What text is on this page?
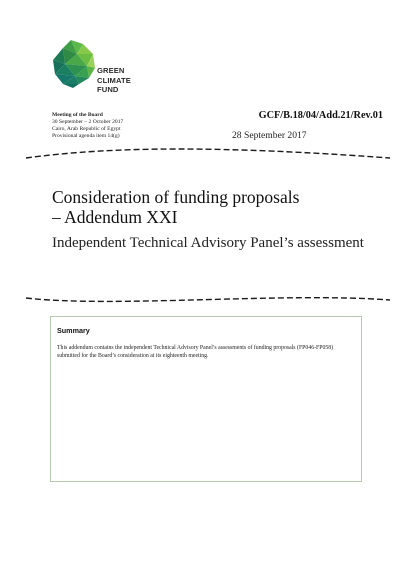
GREEN
CLIMATE
FUND
Meeting of the Board
30 September – 2 October 2017
Cairo, Arab Republic of Egypt
Provisional agenda item 14(g)
GCF/B.18/04/Add.21/Rev.01
28 September 2017
Consideration of funding proposals
– Addendum XXI
Independent Technical Advisory Panel’s assessment
Summary
This addendum contains the independent Technical Advisory Panel’s assessments of funding proposals (FP046-FP058) submitted for the Board’s consideration at its eighteenth meeting.
